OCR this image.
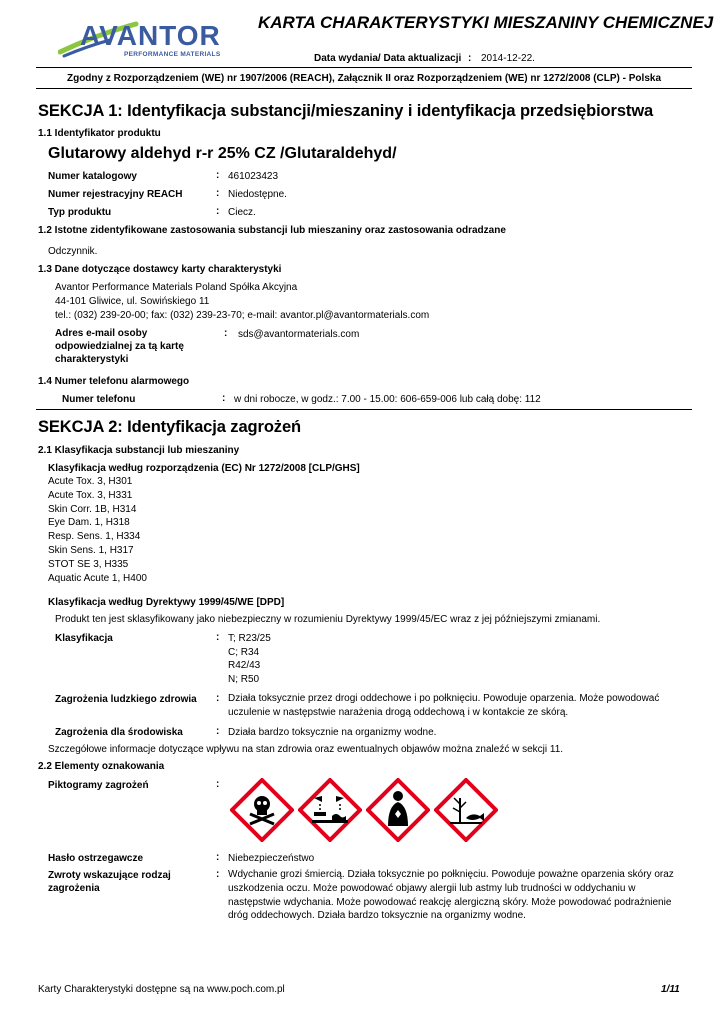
AVANTOR
PERFORMANCE MATERIALS
KARTA CHARAKTERYSTYKI MIESZANINY CHEMICZNEJ
Data wydania/ Data aktualizacji : 2014-12-22.
Zgodny z Rozporządzeniem (WE) nr 1907/2006 (REACH), Załącznik II oraz Rozporządzeniem (WE) nr 1272/2008 (CLP) - Polska
SEKCJA 1: Identyfikacja substancji/mieszaniny i identyfikacja przedsiębiorstwa
1.1 Identyfikator produktu
Glutarowy aldehyd r-r 25% CZ /Glutaraldehyd/
Numer katalogowy	: 461023423
Numer rejestracyjny REACH	: Niedostępne.
Typ produktu	: Ciecz.
1.2 Istotne zidentyfikowane zastosowania substancji lub mieszaniny oraz zastosowania odradzane
Odczynnik.
1.3 Dane dotyczące dostawcy karty charakterystyki
Avantor Performance Materials Poland Spółka Akcyjna
44-101 Gliwice, ul. Sowińskiego 11
tel.: (032) 239-20-00; fax: (032) 239-23-70; e-mail: avantor.pl@avantormaterials.com
Adres e-mail osoby
odpowiedzialnej za tą kartę
charakterystyki
: sds@avantormaterials.com
1.4 Numer telefonu alarmowego
Numer telefonu	: w dni robocze, w godz.: 7.00 - 15.00: 606-659-006 lub całą dobę: 112
SEKCJA 2: Identyfikacja zagrożeń
2.1 Klasyfikacja substancji lub mieszaniny
Klasyfikacja według rozporządzenia (EC) Nr 1272/2008 [CLP/GHS]
Acute Tox. 3, H301
Acute Tox. 3, H331
Skin Corr. 1B, H314
Eye Dam. 1, H318
Resp. Sens. 1, H334
Skin Sens. 1, H317
STOT SE 3, H335
Aquatic Acute 1, H400
Klasyfikacja według Dyrektywy 1999/45/WE [DPD]
Produkt ten jest sklasyfikowany jako niebezpieczny w rozumieniu Dyrektywy 1999/45/EC wraz z jej późniejszymi zmianami.
Klasyfikacja	: T; R23/25
C; R34
R42/43
N; R50
Zagrożenia ludzkiego zdrowia : Działa toksycznie przez drogi oddechowe i po połknięciu. Powoduje oparzenia. Może powodować
uczulenie w następstwie narażenia drogą oddechową i w kontakcie ze skórą.
Zagrożenia dla środowiska	: Działa bardzo toksycznie na organizmy wodne.
Szczegółowe informacje dotyczące wpływu na stan zdrowia oraz ewentualnych objawów można znaleźć w sekcji 11.
2.2 Elementy oznakowania
Piktogramy zagrożeń	:
Hasło ostrzegawcze	: Niebezpieczeństwo
Zwroty wskazujące rodzaj
zagrożenia
: Wdychanie grozi śmiercią. Działa toksycznie po połknięciu. Powoduje poważne oparzenia skóry oraz
uszkodzenia oczu. Może powodować objawy alergii lub astmy lub trudności w oddychaniu w
następstwie wdychania. Może powodować reakcję alergiczną skóry. Może powodować podrażnienie
dróg oddechowych. Działa bardzo toksycznie na organizmy wodne.
Karty Charakterystyki dostępne są na www.poch.com.pl	1/11
